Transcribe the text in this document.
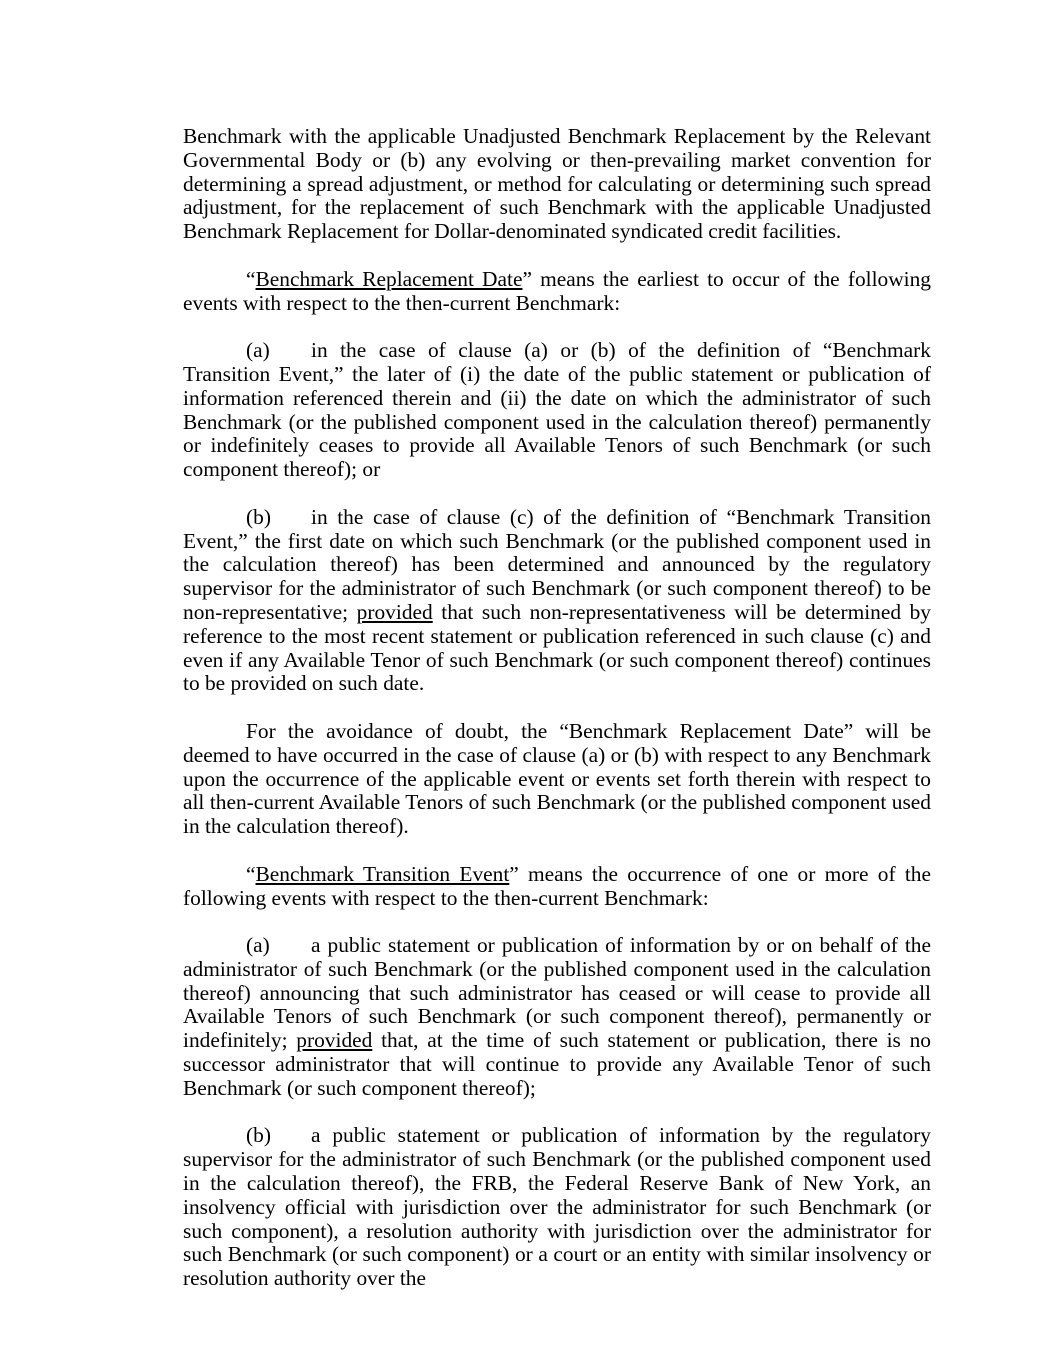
Benchmark with the applicable Unadjusted Benchmark Replacement by the Relevant Governmental Body or (b) any evolving or then-prevailing market convention for determining a spread adjustment, or method for calculating or determining such spread adjustment, for the replacement of such Benchmark with the applicable Unadjusted Benchmark Replacement for Dollar-denominated syndicated credit facilities.

“Benchmark Replacement Date” means the earliest to occur of the following events with respect to the then-current Benchmark:

(a) in the case of clause (a) or (b) of the definition of “Benchmark Transition Event,” the later of (i) the date of the public statement or publication of information referenced therein and (ii) the date on which the administrator of such Benchmark (or the published component used in the calculation thereof) permanently or indefinitely ceases to provide all Available Tenors of such Benchmark (or such component thereof); or

(b) in the case of clause (c) of the definition of “Benchmark Transition Event,” the first date on which such Benchmark (or the published component used in the calculation thereof) has been determined and announced by the regulatory supervisor for the administrator of such Benchmark (or such component thereof) to be non-representative; provided that such non-representativeness will be determined by reference to the most recent statement or publication referenced in such clause (c) and even if any Available Tenor of such Benchmark (or such component thereof) continues to be provided on such date.

For the avoidance of doubt, the “Benchmark Replacement Date” will be deemed to have occurred in the case of clause (a) or (b) with respect to any Benchmark upon the occurrence of the applicable event or events set forth therein with respect to all then-current Available Tenors of such Benchmark (or the published component used in the calculation thereof).

“Benchmark Transition Event” means the occurrence of one or more of the following events with respect to the then-current Benchmark:

(a) a public statement or publication of information by or on behalf of the administrator of such Benchmark (or the published component used in the calculation thereof) announcing that such administrator has ceased or will cease to provide all Available Tenors of such Benchmark (or such component thereof), permanently or indefinitely; provided that, at the time of such statement or publication, there is no successor administrator that will continue to provide any Available Tenor of such Benchmark (or such component thereof);

(b) a public statement or publication of information by the regulatory supervisor for the administrator of such Benchmark (or the published component used in the calculation thereof), the FRB, the Federal Reserve Bank of New York, an insolvency official with jurisdiction over the administrator for such Benchmark (or such component), a resolution authority with jurisdiction over the administrator for such Benchmark (or such component) or a court or an entity with similar insolvency or resolution authority over the
